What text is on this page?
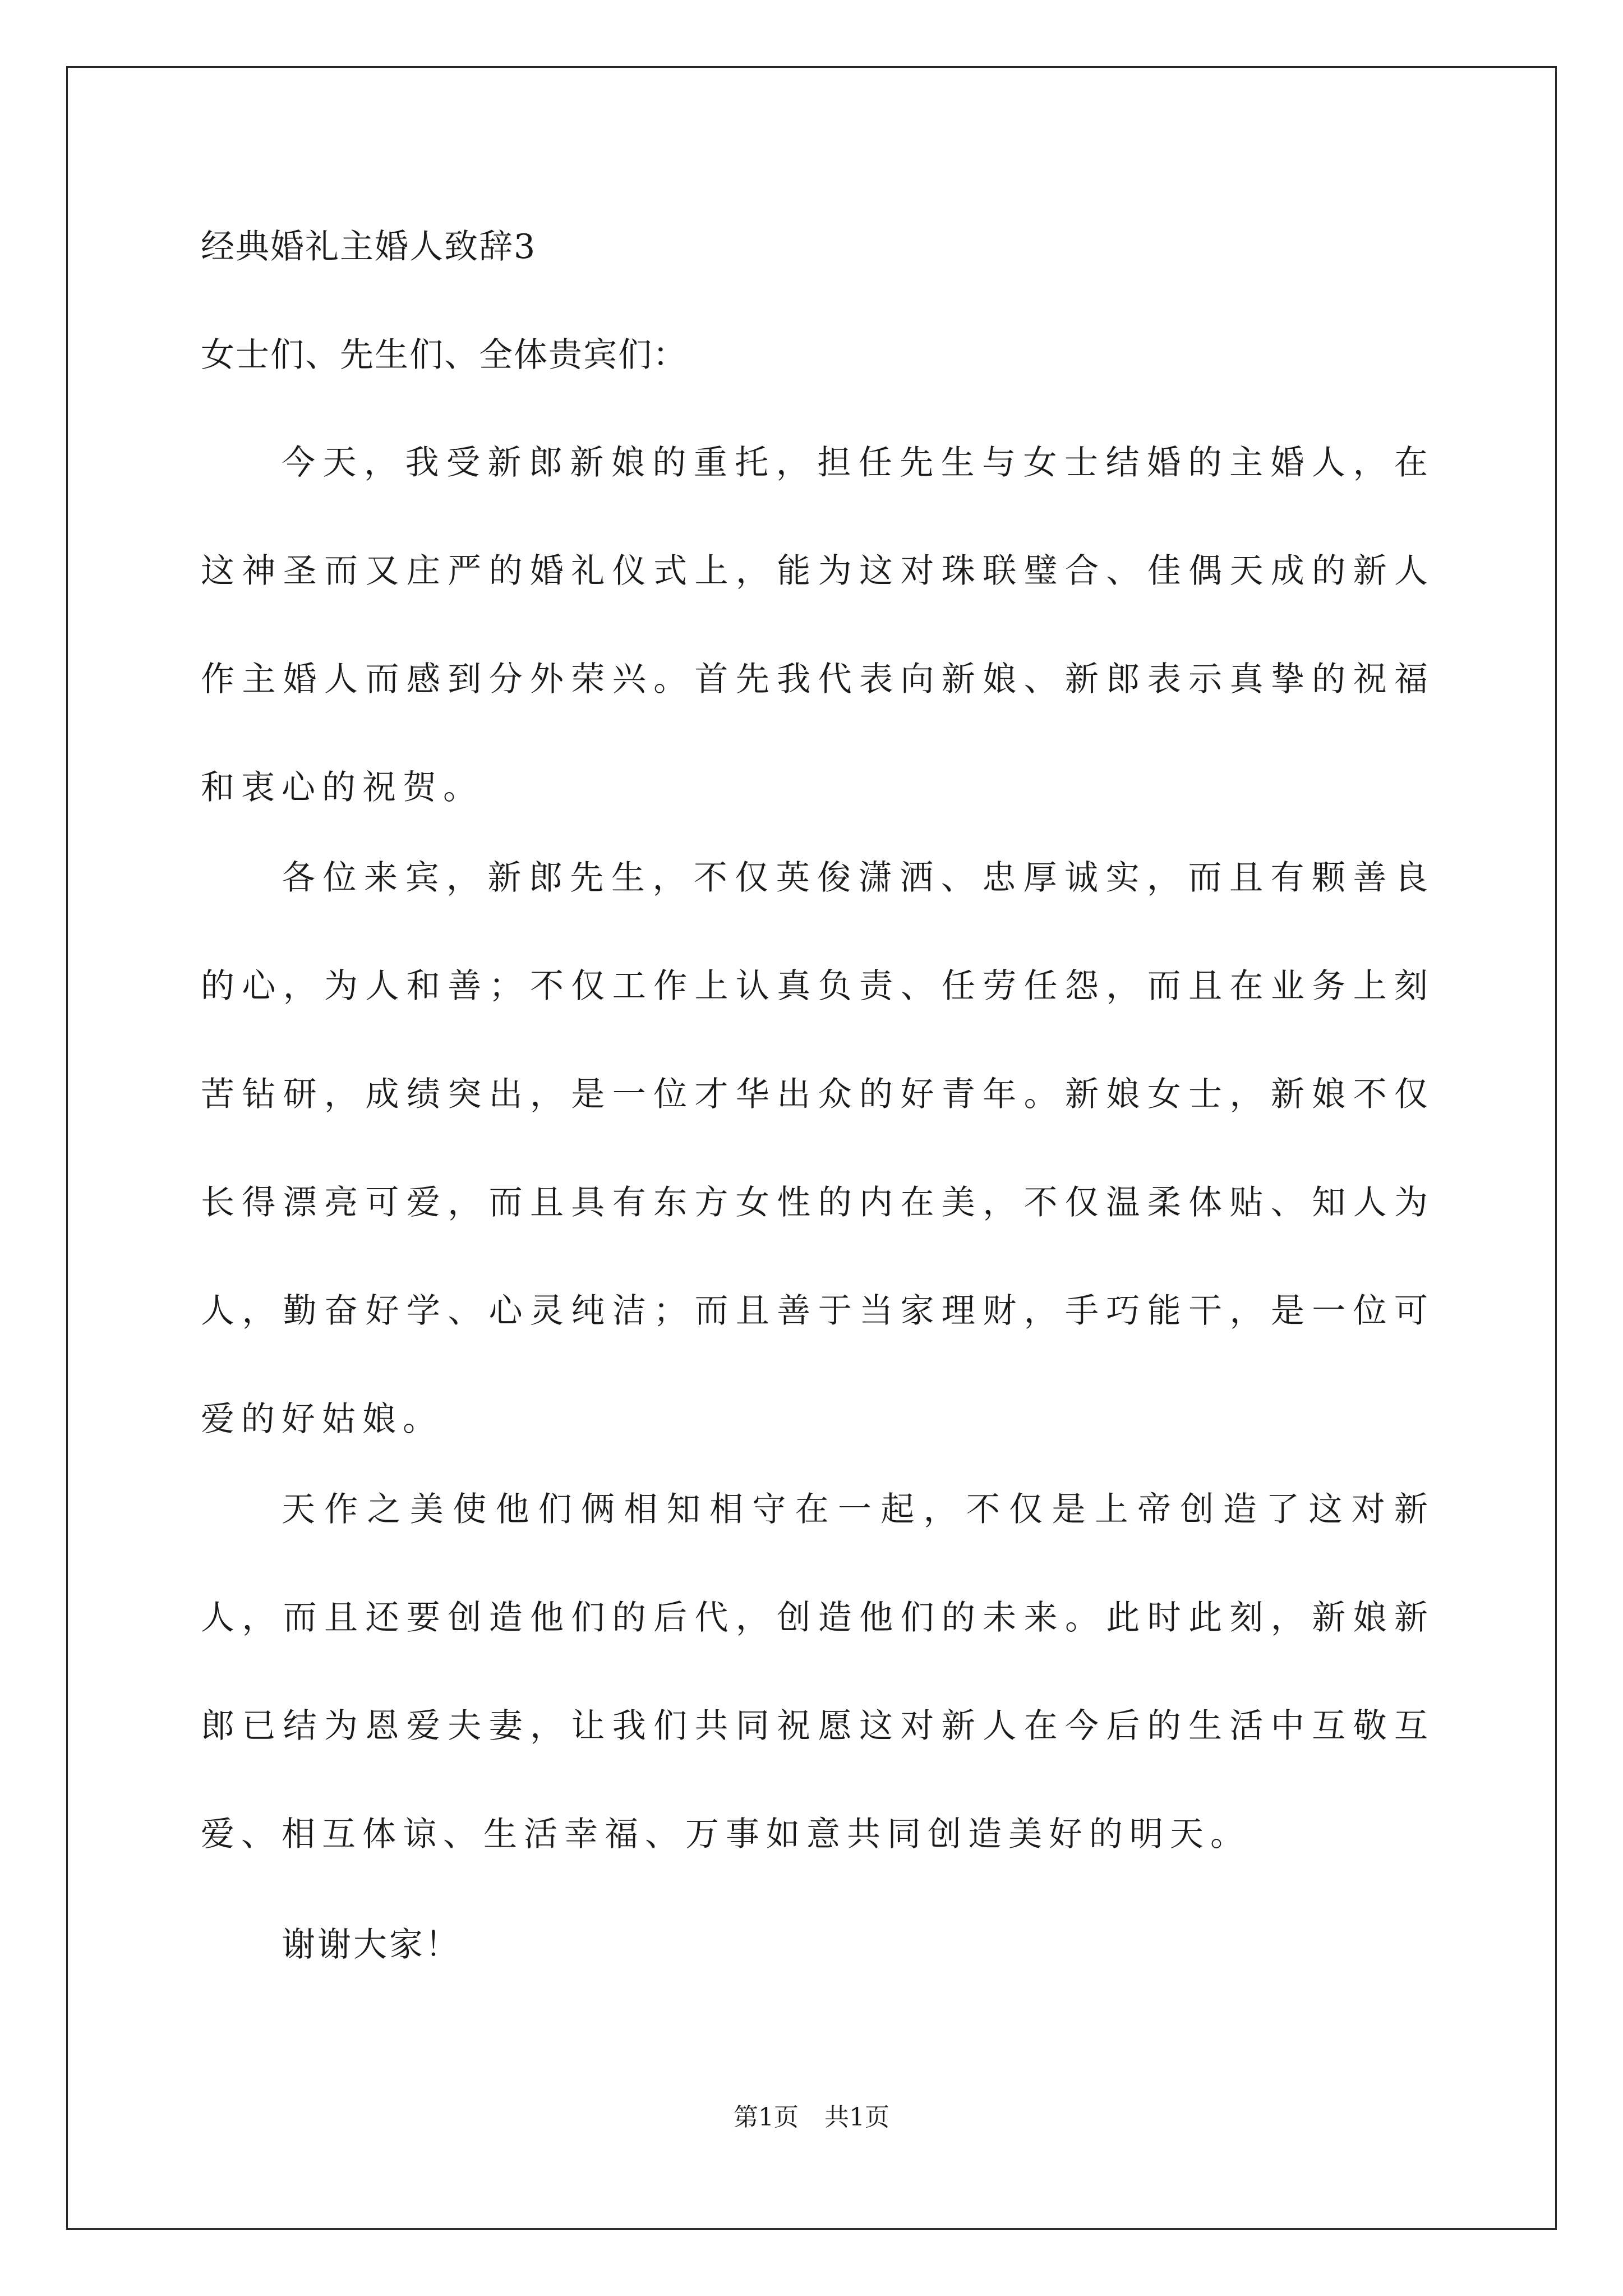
经典婚礼主婚人致辞3
女士们、先生们、全体贵宾们：

今天，我受新郎新娘的重托，担任先生与女士结婚的主婚人，在这神圣而又庄严的婚礼仪式上，能为这对珠联璧合、佳偶天成的新人作主婚人而感到分外荣兴。首先我代表向新娘、新郎表示真挚的祝福和衷心的祝贺。

各位来宾，新郎先生，不仅英俊潇洒、忠厚诚实，而且有颗善良的心，为人和善；不仅工作上认真负责、任劳任怨，而且在业务上刻苦钻研，成绩突出，是一位才华出众的好青年。新娘女士，新娘不仅长得漂亮可爱，而且具有东方女性的内在美，不仅温柔体贴、知人为人，勤奋好学、心灵纯洁；而且善于当家理财，手巧能干，是一位可爱的好姑娘。

天作之美使他们俩相知相守在一起，不仅是上帝创造了这对新人，而且还要创造他们的后代，创造他们的未来。此时此刻，新娘新郎已结为恩爱夫妻，让我们共同祝愿这对新人在今后的生活中互敬互爱、相互体谅、生活幸福、万事如意共同创造美好的明天。

谢谢大家！
第1页 共1页
